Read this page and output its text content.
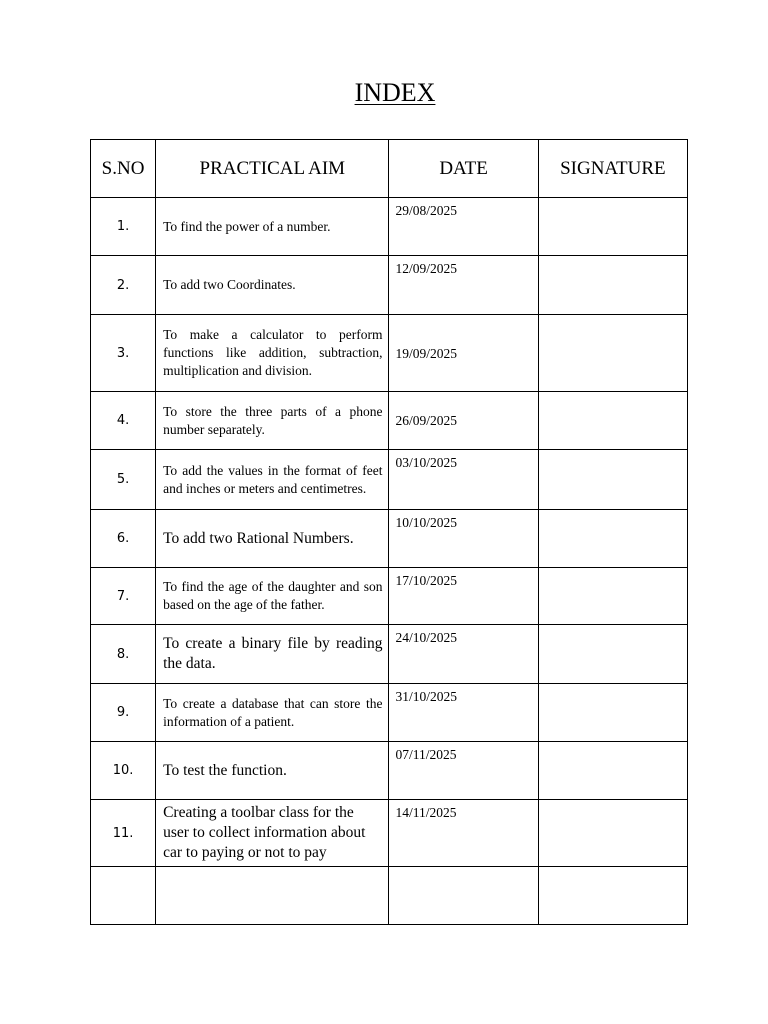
INDEX
S.NO	PRACTICAL AIM	DATE	SIGNATURE
1.	To find the power of a number.	29/08/2025	
2.	To add two Coordinates.	12/09/2025	
3.	To make a calculator to perform functions like addition, subtraction, multiplication and division.	19/09/2025	
4.	To store the three parts of a phone number separately.	26/09/2025	
5.	To add the values in the format of feet and inches or meters and centimetres.	03/10/2025	
6.	To add two Rational Numbers.	10/10/2025	
7.	To find the age of the daughter and son based on the age of the father.	17/10/2025	
8.	To create a binary file by reading the data.	24/10/2025	
9.	To create a database that can store the information of a patient.	31/10/2025	
10.	To test the function.	07/11/2025	
11.	Creating a toolbar class for the user to collect information about car to paying or not to pay	14/11/2025	
